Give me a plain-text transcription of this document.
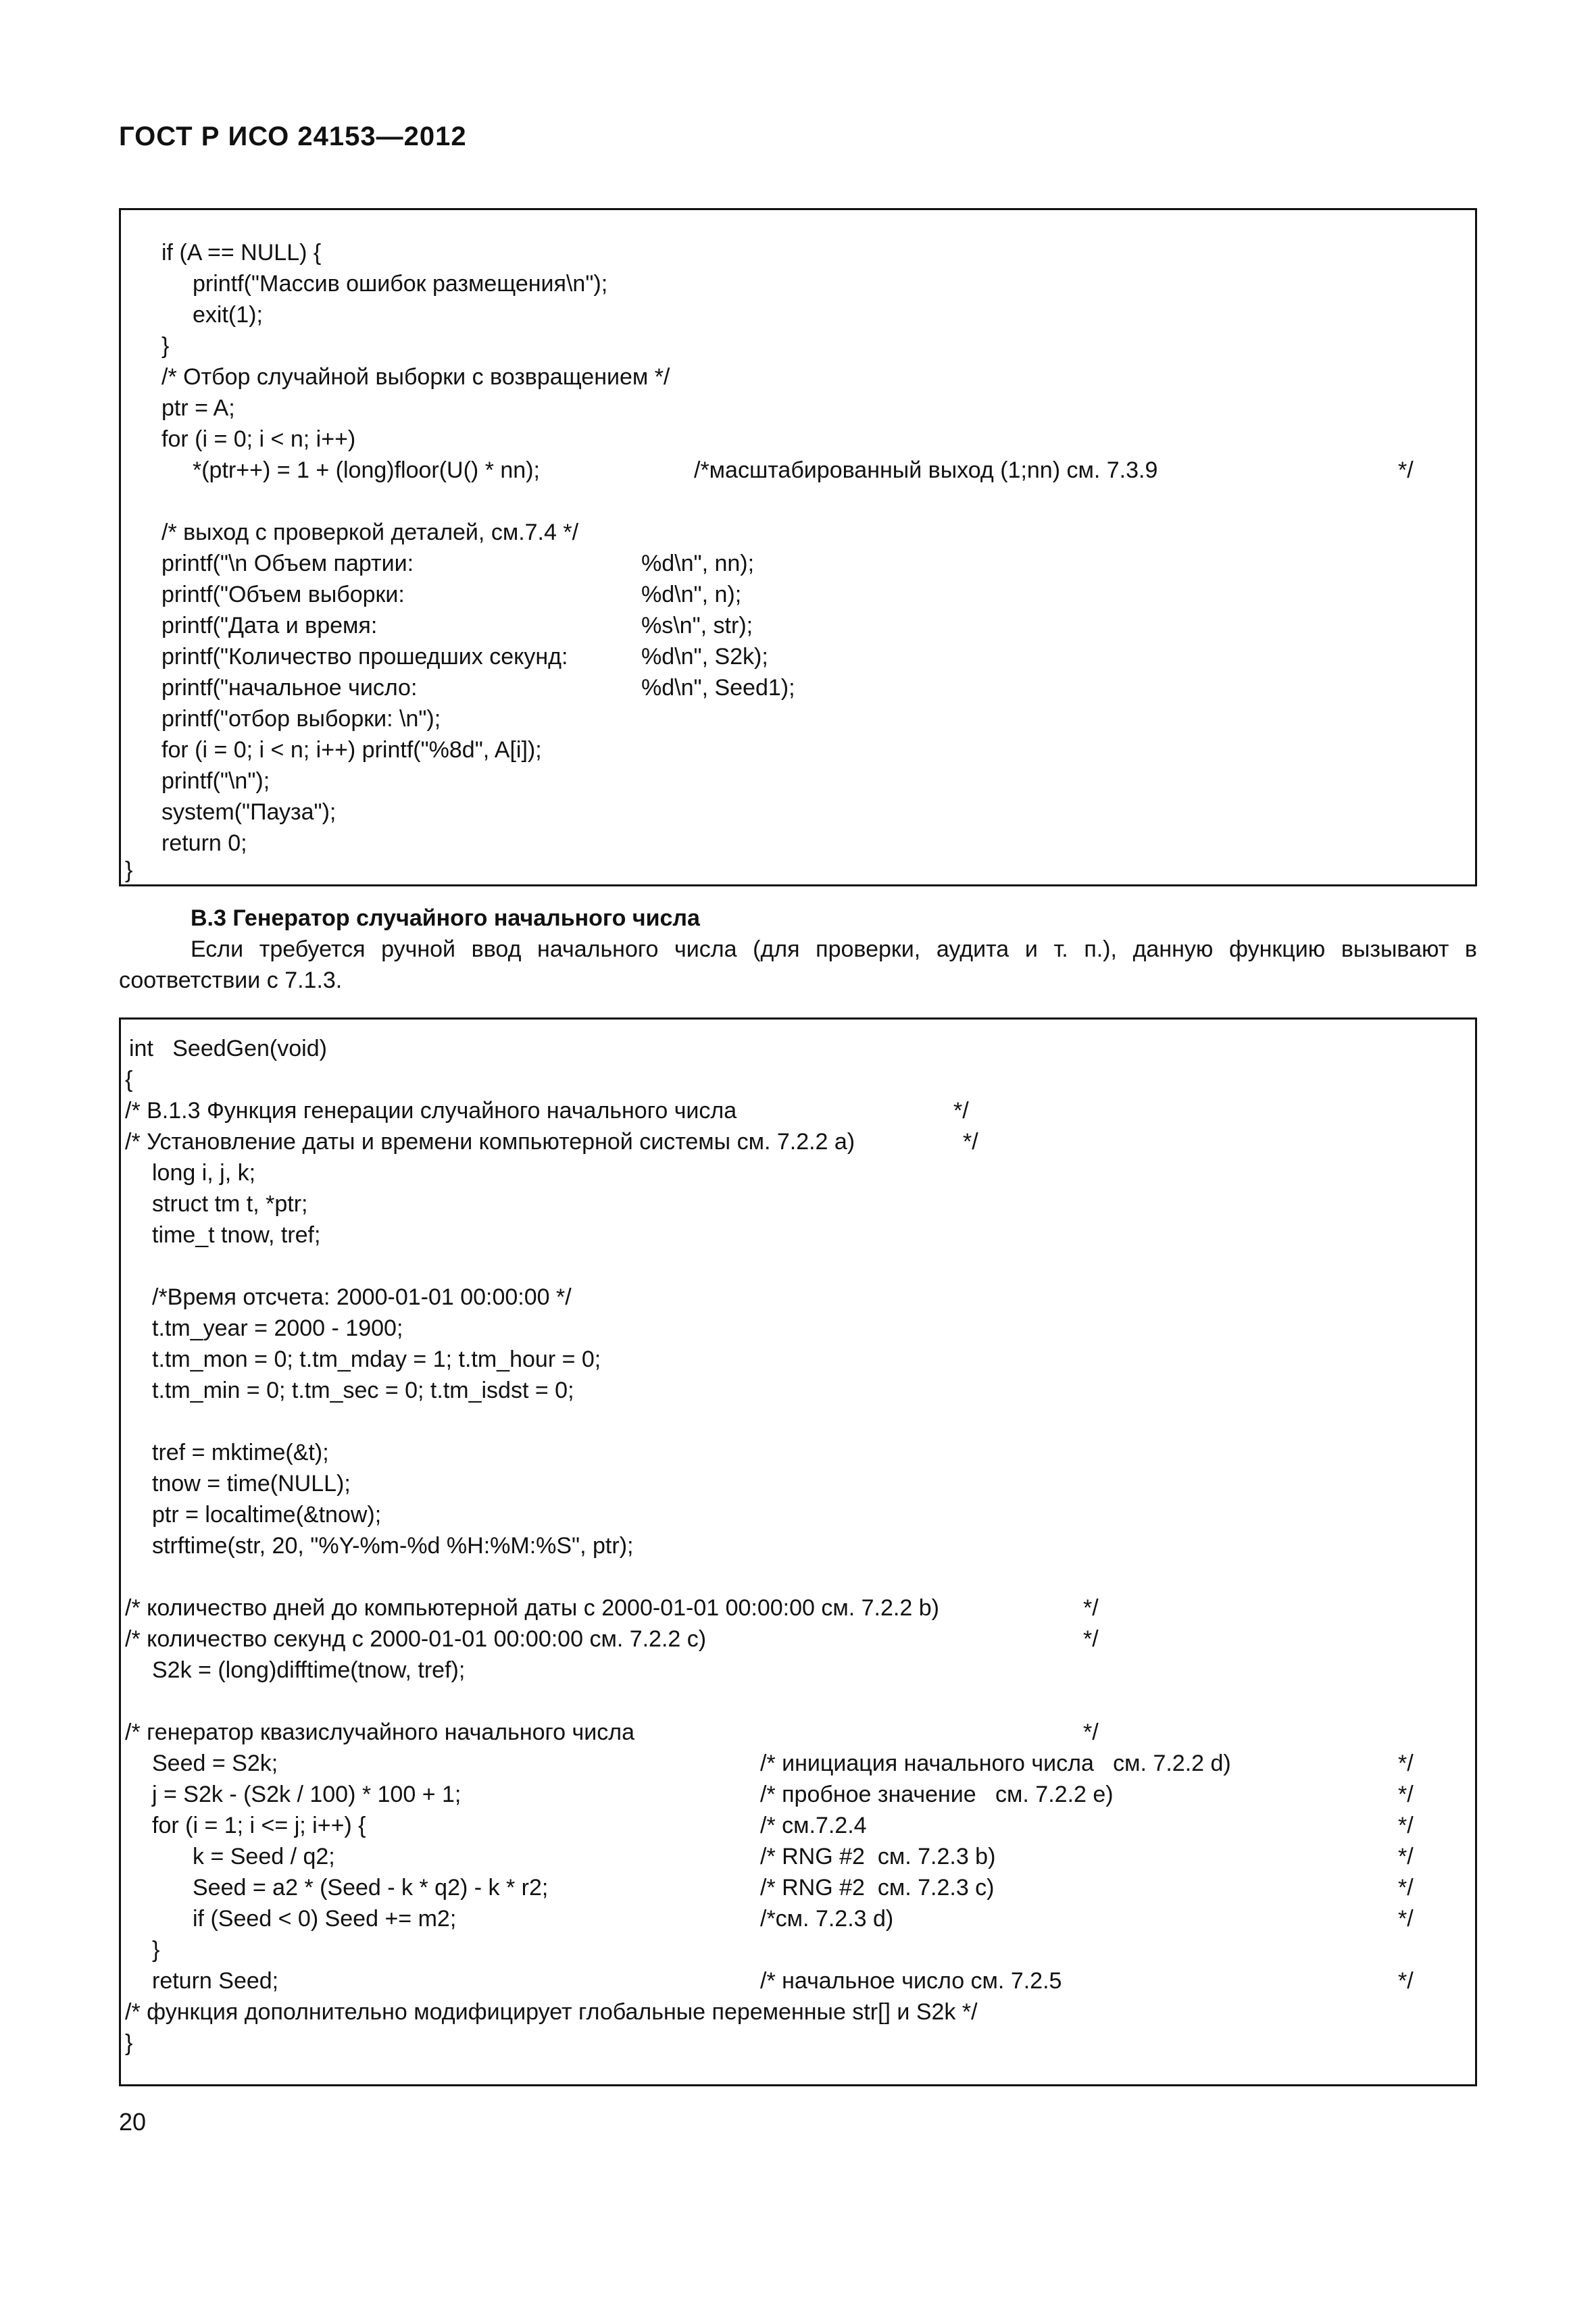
ГОСТ Р ИСО 24153—2012
if (A == NULL) {
printf("Массив ошибок размещения\n");
exit(1);
}
/* Отбор случайной выборки с возвращением */
ptr = A;
for (i = 0; i < n; i++)

*(ptr++) = 1 + (long)floor(U() * nn);

	/*масштабированный выход (1;nn) см. 7.3.9

	*/

/* выход с проверкой деталей, см.7.4 */

printf("\n Объем партии:

	%d\n", nn);

printf("Объем выборки:

	%d\n", n);

printf("Дата и время:

	%s\n", str);

printf("Количество прошедших секунд:

	%d\n", S2k);

printf("начальное число:

	%d\n", Seed1);

printf("отбор выборки: \n");
for (i = 0; i < n; i++) printf("%8d", A[i]);
printf("\n");
system("Пауза");
return 0;
}
В.3 Генератор случайного начального числа
Если требуется ручной ввод начального числа (для проверки, аудита и т. п.), данную функцию вызывают в
соответствии с 7.1.3.
int   SeedGen(void)
{

/* В.1.3 Функция генерации случайного начального числа

	*/

/* Установление даты и времени компьютерной системы см. 7.2.2 a)

	*/

long i, j, k;
struct tm t, *ptr;
time_t tnow, tref;
/*Время отсчета: 2000-01-01 00:00:00 */
t.tm_year = 2000 - 1900;
t.tm_mon = 0; t.tm_mday = 1; t.tm_hour = 0;
t.tm_min = 0; t.tm_sec = 0; t.tm_isdst = 0;
tref = mktime(&t);
tnow = time(NULL);
ptr = localtime(&tnow);
strftime(str, 20, "%Y-%m-%d %H:%M:%S", ptr);

/* количество дней до компьютерной даты с 2000-01-01 00:00:00 см. 7.2.2 b)

	*/

/* количество секунд с 2000-01-01 00:00:00 см. 7.2.2 c)

	*/

S2k = (long)difftime(tnow, tref);

/* генератор квазислучайного начального числа

	*/

Seed = S2k;

	/* инициация начального числа   см. 7.2.2 d)

	*/

j = S2k - (S2k / 100) * 100 + 1;

	/* пробное значение   см. 7.2.2 e)

	*/

for (i = 1; i <= j; i++) {

	/* см.7.2.4

	*/

k = Seed / q2;

	/* RNG #2  см. 7.2.3 b)

	*/

Seed = a2 * (Seed - k * q2) - k * r2;

	/* RNG #2  см. 7.2.3 c)

	*/

if (Seed < 0) Seed += m2;

	/*см. 7.2.3 d)

	*/

}

return Seed;

	/* начальное число см. 7.2.5

	*/

/* функция дополнительно модифицирует глобальные переменные str[] и S2k */
}
20
